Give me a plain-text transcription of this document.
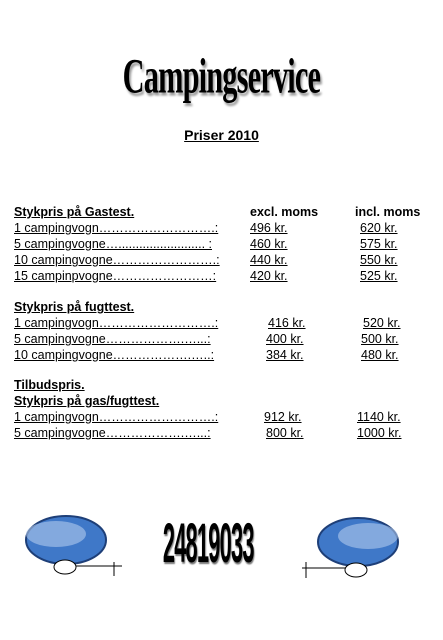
Campingservice
Priser 2010
Stykpris på Gastest.	excl. moms	incl. moms
1 campingvogn……………………….:	496 kr.	620 kr.
5 campingvogne…......................... :	460 kr.	575 kr.
10 campingvogne…………………….: 440 kr.	550 kr.
15 campinpvogne……………………:	420 kr.	525 kr.
Stykpris på fugttest.
1 campingvogn……………………….:	416 kr.	520 kr.
5 campingvogne……………….…...:	400 kr.	500 kr.
10 campingvogne……………….…..:	384 kr.	480 kr.
Tilbudspris.
Stykpris på gas/fugttest.
1 campingvogn……………………….:	912 kr.	1140 kr.
5 campingvogne……………….…...:	800 kr.	1000 kr.
24819033
